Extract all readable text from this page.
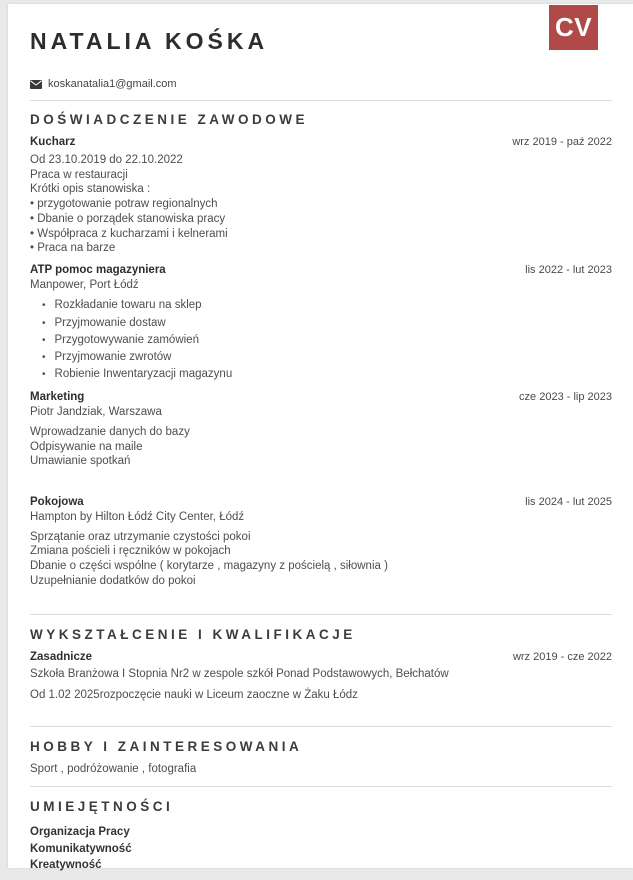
CV
NATALIA KOŚKA
koskanatalia1@gmail.com
DOŚWIADCZENIE ZAWODOWE
Kucharz	wrz 2019 - paź 2022
Od 23.10.2019 do 22.10.2022
Praca w restauracji
Krótki opis stanowiska :
• przygotowanie potraw regionalnych
• Dbanie o porządek stanowiska pracy
• Współpraca z kucharzami i kelnerami
• Praca na barze
ATP pomoc magazyniera	lis 2022 - lut 2023
Manpower, Port Łódź
• Rozkładanie towaru na sklep
• Przyjmowanie dostaw
• Przygotowywanie zamówień
• Przyjmowanie zwrotów
• Robienie Inwentaryzacji magazynu
Marketing	cze 2023 - lip 2023
Piotr Jandziak, Warszawa
Wprowadzanie danych do bazy
Odpisywanie na maile
Umawianie spotkań
Pokojowa	lis 2024 - lut 2025
Hampton by Hilton Łódź City Center, Łódź
Sprzątanie oraz utrzymanie czystości pokoi
Zmiana pościeli i ręczników w pokojach
Dbanie o części wspólne ( korytarze , magazyny z pościelą , siłownia )
Uzupełnianie dodatków do pokoi
WYKSZTAŁCENIE I KWALIFIKACJE
Zasadnicze	wrz 2019 - cze 2022
Szkoła Branżowa I Stopnia Nr2 w zespole szkół Ponad Podstawowych, Bełchatów
Od 1.02 2025rozpoczęcie nauki w Liceum zaoczne w Żaku Łódz
HOBBY I ZAINTERESOWANIA
Sport , podróżowanie , fotografia
UMIEJĘTNOŚCI
Organizacja Pracy
Komunikatywność
Kreatywność
